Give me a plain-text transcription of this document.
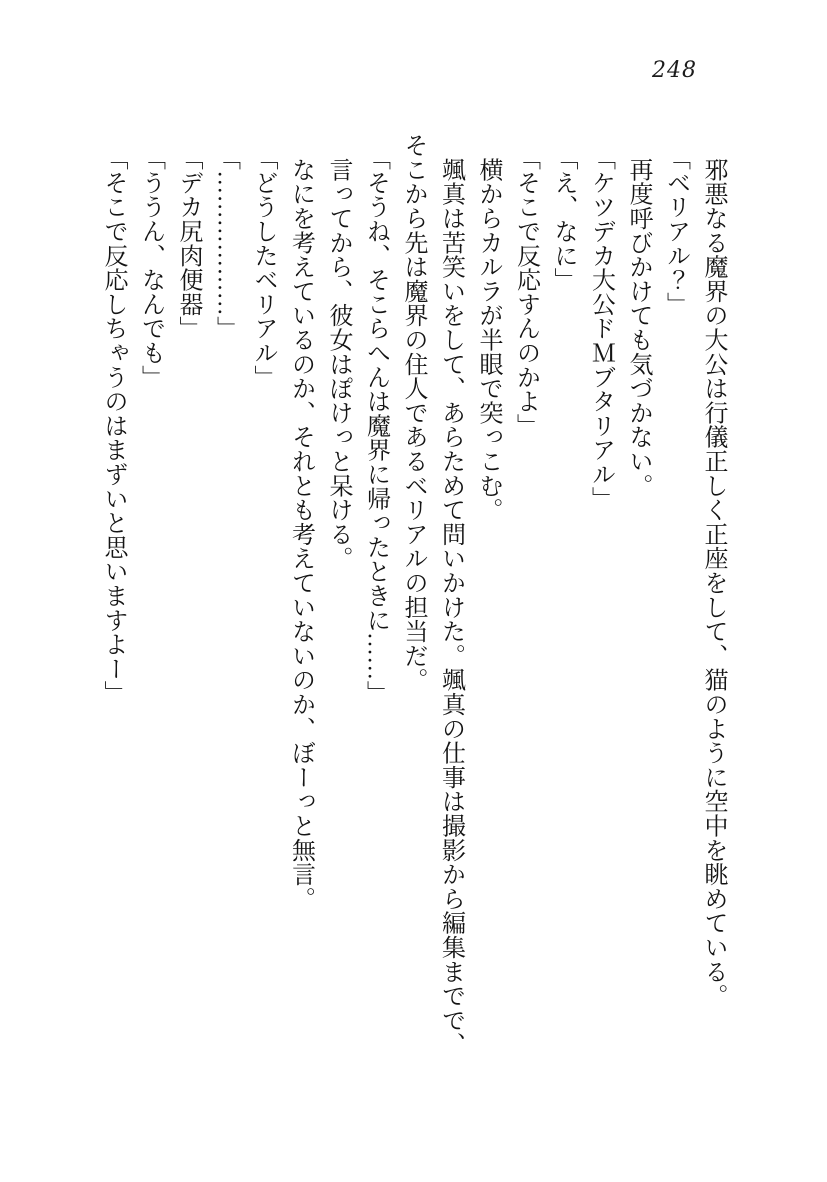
248
　邪悪なる魔界の大公は行儀正しく正座をして、猫のように空中を眺めている。
「ベリアル？」
　再度呼びかけても気づかない。
「ケツデカ大公ドＭブタリアル」
「え、なに」
「そこで反応すんのかよ」
　横からカルラが半眼で突っこむ。
　颯真は苦笑いをして、あらためて問いかけた。颯真の仕事は撮影から編集までで、
そこから先は魔界の住人であるベリアルの担当だ。
「そうね、そこらへんは魔界に帰ったときに……」
　言ってから、彼女はぽけっと呆ける。
　なにを考えているのか、それとも考えていないのか、ぼーっと無言。
「どうしたベリアル」
「………………」
「デカ尻肉便器」
「ううん、なんでも」
「そこで反応しちゃうのはまずいと思いますよー」
